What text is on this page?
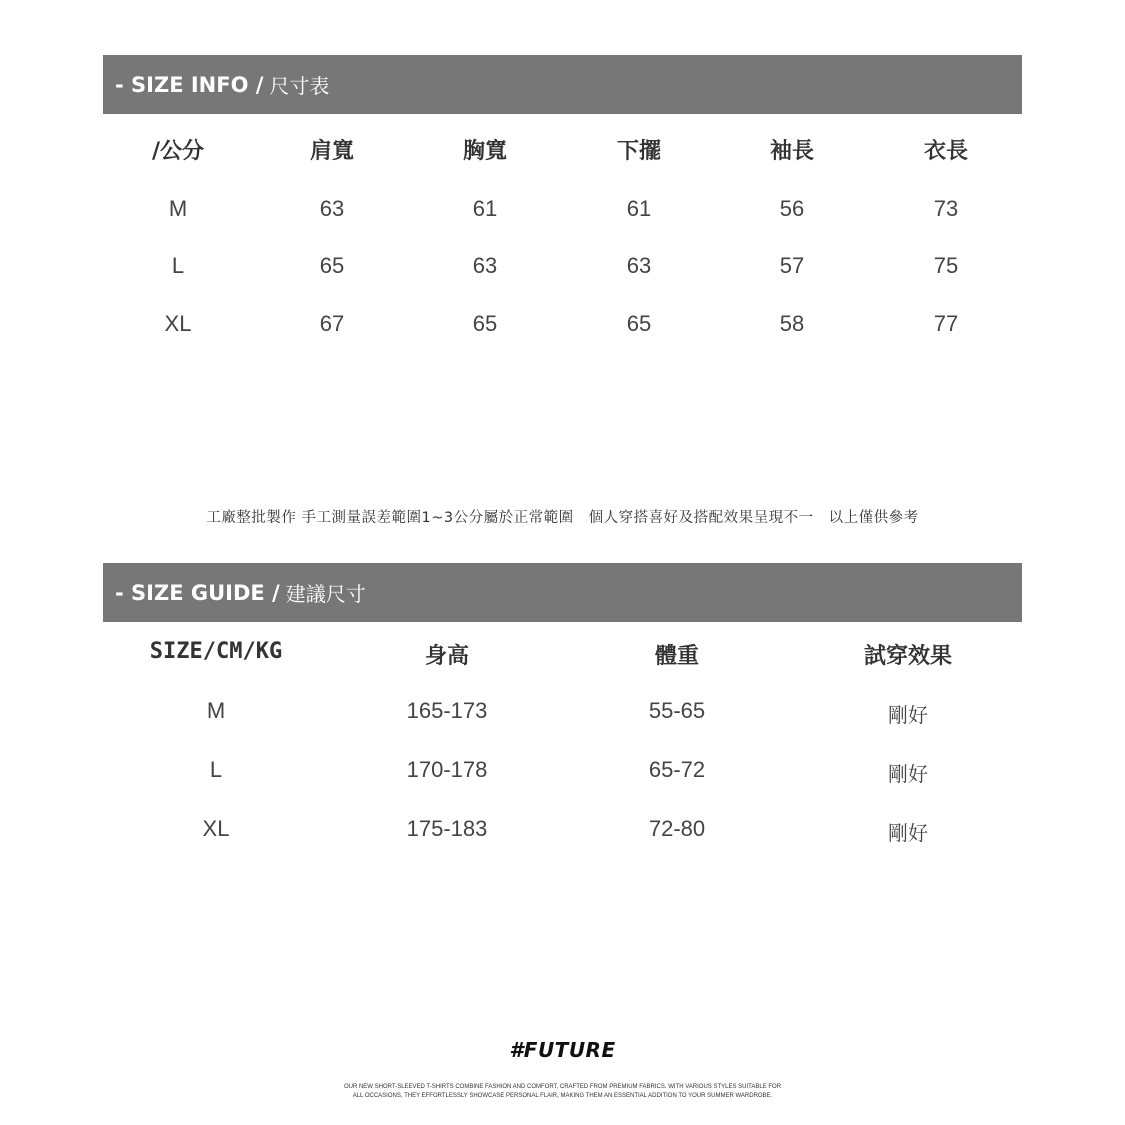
- SIZE INFO / 尺寸表
/公分	肩寬	胸寬	下擺	袖長	衣長
M	63	61	61	56	73
L	65	63	63	57	75
XL	67	65	65	58	77
工廠整批製作 手工測量誤差範圍1~3公分屬於正常範圍　個人穿搭喜好及搭配效果呈現不一　以上僅供參考
- SIZE GUIDE / 建議尺寸
SIZE/CM/KG	身高	體重	試穿效果
M	165-173	55-65	剛好
L	170-178	65-72	剛好
XL	175-183	72-80	剛好
#FUTURE
OUR NEW SHORT-SLEEVED T-SHIRTS COMBINE FASHION AND COMFORT, CRAFTED FROM PREMIUM FABRICS. WITH VARIOUS STYLES SUITABLE FOR
ALL OCCASIONS, THEY EFFORTLESSLY SHOWCASE PERSONAL FLAIR, MAKING THEM AN ESSENTIAL ADDITION TO YOUR SUMMER WARDROBE.
